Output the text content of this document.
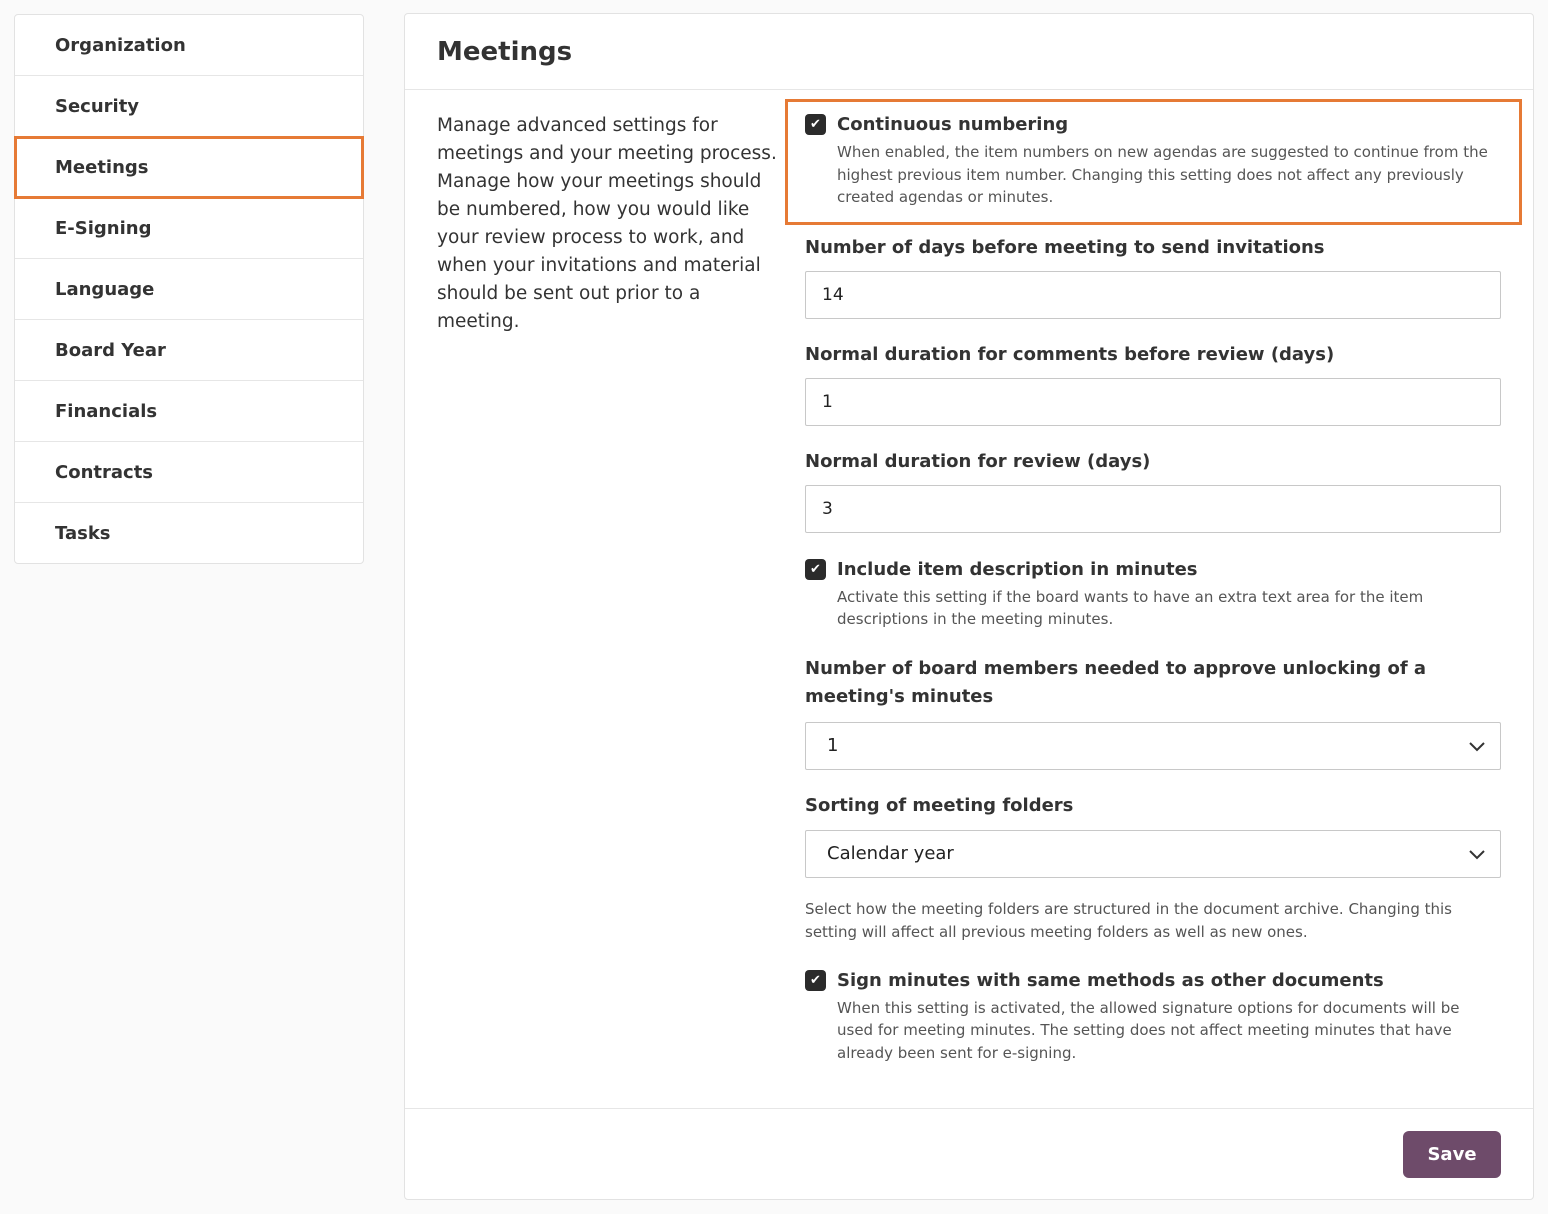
Organization
Security
Meetings
E-Signing
Language
Board Year
Financials
Contracts
Tasks
Meetings

Manage advanced settings for meetings and your meeting process. Manage how your meetings should be numbered, how you would like your review process to work, and when your invitations and material should be sent out prior to a meeting.

✔ Continuous numbering
When enabled, the item numbers on new agendas are suggested to continue from the highest previous item number. Changing this setting does not affect any previously created agendas or minutes.
Number of days before meeting to send invitations
14
Normal duration for comments before review (days)
1
Normal duration for review (days)
3
✔ Include item description in minutes
Activate this setting if the board wants to have an extra text area for the item descriptions in the meeting minutes.
Number of board members needed to approve unlocking of a meeting's minutes
1
Sorting of meeting folders
Calendar year
Select how the meeting folders are structured in the document archive. Changing this setting will affect all previous meeting folders as well as new ones.
✔ Sign minutes with same methods as other documents
When this setting is activated, the allowed signature options for documents will be used for meeting minutes. The setting does not affect meeting minutes that have already been sent for e-signing.
Save
